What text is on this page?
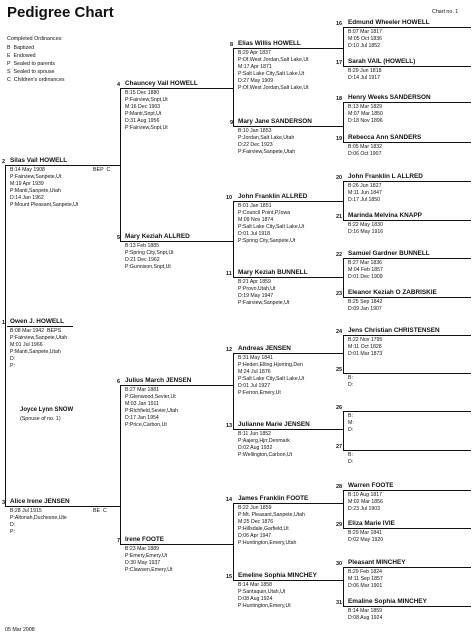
Pedigree Chart	Chart no. 1
Completed Ordinances:
B Baptized
E Endowed
P Sealed to parents
S Sealed to spouse
C Children's ordinances
Joyce Lynn SNOW
(Spouse of no. 1)
05 Mar 2008
1 Owen J. HOWELL
BEPS
B:08 Mar 1942
P:Fairview,Sanpete,Utah
M:01 Jul 1966
P:Manti,Sanpete,Utah
D:
P:
2 Silas Vail HOWELL
BEP  C
B:14 May 1908
P:Fairview,Sanpete,Ut
M:19 Apr 1939
P:Manti,Sanpete,Utah
D:14 Jan 1962
P:Mount Pleasant,Sanpete,Ut
3 Alice Irene JENSEN
BE  C
B:28 Jul 1915
P:Altonah,Duchesne,Ute
D:
P:
4 Chauncey Vail HOWELL
B:15 Dec 1880
P:Fairview,Snpt,Ut
M:16 Dec 1903
P:Manti,Snpt,Ut
D:31 Aug 1956
P:Fairview,Snpt,Ut
5 Mary Keziah ALLRED
B:13 Feb 1885
P:Spring City,Snpt,Ut
D:21 Dec 1962
P:Gunnison,Snpt,Ut
6 Julius March JENSEN
B:27 Mar 1881
P:Glenwood,Sevier,Ut
M:03 Jan 1911
P:Richfield,Sevier,Utah
D:17 Jan 1954
P:Price,Carbon,Ut
7 Irene FOOTE
B:23 Mar 1889
P:Emery,Emery,Ut
D:30 May 1937
P:Clawsen,Emery,Ut
8 Elias Willis HOWELL
B:29 Apr 1837
P:Of,West Jordan,Salt Lake,Ut
M:17 Apr 1871
P:Salt Lake City,Salt Lake,Ut
D:27 May 1909
P:Of,West Jordan,Salt Lake,Ut
9 Mary Jane SANDERSON
B:10 Jan 1853
P:Jordan,Salt Lake,Utah
D:22 Dec 1923
P:Fairview,Sanpete,Utah
10 John Franklin ALLRED
B:01 Jan 1851
P:Council Point,P,Iowa
M:09 Nov 1874
P:Salt Lake City,Salt Lake,Ut
D:01 Jul 1918
P:Spring City,Sanpete,Ut
11 Mary Keziah BUNNELL
B:21 Apr 1859
P:Provo,Utah,Ut
D:19 May 1947
P:Fairview,Sanpete,Ut
12 Andreas JENSEN
B:31 May 1841
P:Heden,Elling,Hjorring,Den
M:24 Jul 1876
P:Salt Lake City,Salt Lake,Ut
D:01 Jul 1927
P:Ferron,Emery,Ut
13 Julianne Marie JENSEN
B:11 Jun 1852
P:Aajerg,Hjrr,Denmark
D:02 Aug 1932
P:Wellington,Carbon,Ut
14 James Franklin FOOTE
B:22 Jun 1859
P:Mt. Pleasant,Sanpete,Utah
M:25 Dec 1876
P:Hillsdale,Garfield,Ut
D:06 Apr 1947
P:Huntington,Emery,Utah
15 Emeline Sophia MINCHEY
B:14 Mar 1858
P:Santaquin,Utah,Ut
D:08 Aug 1924
P:Huntington,Emery,Ut
16 Edmund Wheeler HOWELL
B:07 Mar 1817
M:05 Oct 1836
D:10 Jul 1852
17 Sarah VAIL (HOWELL)
B:29 Jun 1818
D:14 Jul 1917
18 Henry Weeks SANDERSON
B:13 Mar 1829
M:07 Mar 1850
D:18 Nov 1896
19 Rebecca Ann SANDERS
B:05 Mar 1832
D:06 Oct 1907
20 John Franklin L ALLRED
B:26 Jun 1827
M:11 Jun 1847
D:17 Jul 1850
21 Marinda Melvina KNAPP
B:22 May 1830
D:16 May 1916
22 Samuel Gardner BUNNELL
B:27 Mar 1836
M:04 Feb 1857
D:01 Dec 1909
23 Eleanor Keziah O ZABRISKIE
B:25 Sep 1842
D:09 Jan 1907
24 Jens Christian CHRISTENSEN
B:22 Nov 1795
M:11 Oct 1828
D:01 Mar 1873
25
B:
D:
26
B:
M:
D:
27
B:
D:
28 Warren FOOTE
B:10 Aug 1817
M:02 Mar 1856
D:23 Jul 1903
29 Eliza Marie IVIE
B:29 Mar 1841
D:02 May 1920
30 Pleasant MINCHEY
B:29 Feb 1824
M:11 Sep 1857
D:06 Mar 1901
31 Emaline Sophia MINCHEY
B:14 Mar 1859
D:08 Aug 1924
